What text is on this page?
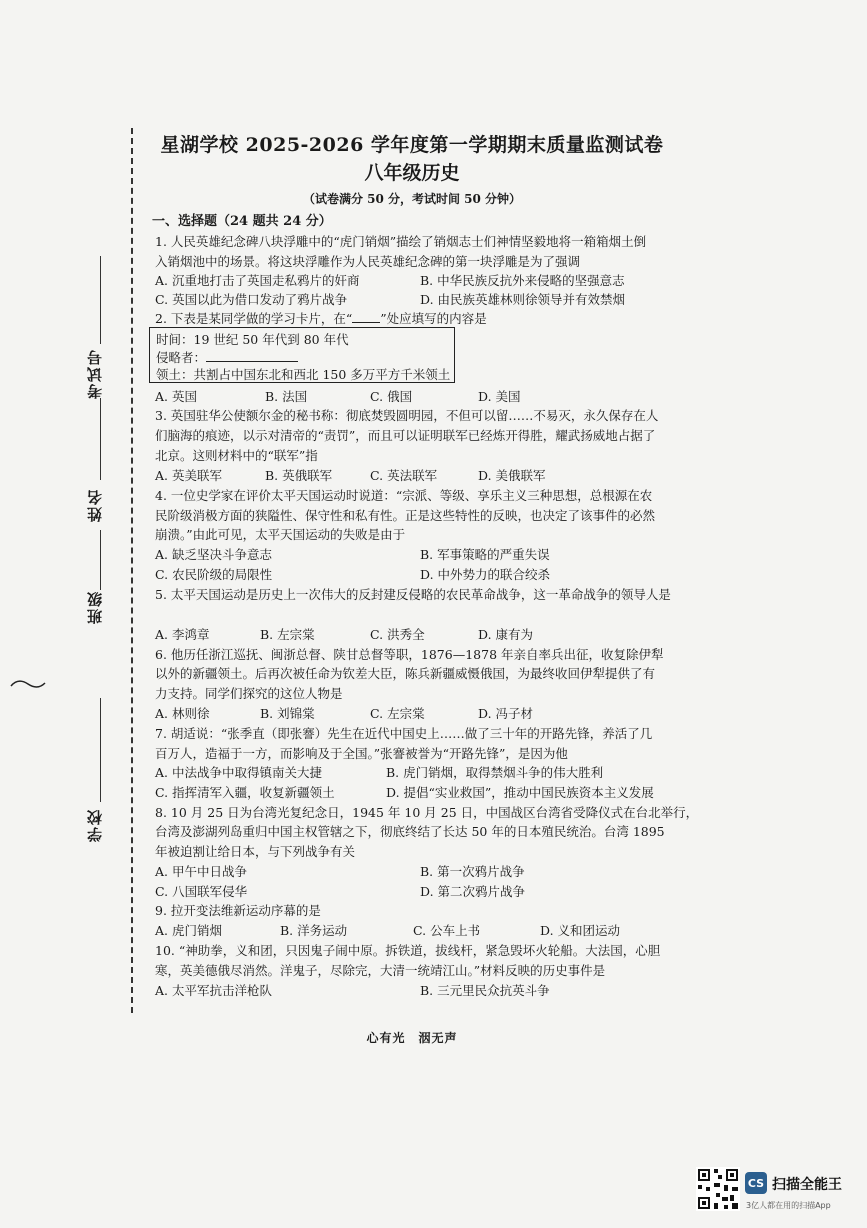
考试号
姓名
班级
学校
星湖学校 2025-2026 学年度第一学期期末质量监测试卷
八年级历史
（试卷满分 50 分，考试时间 50 分钟）
一、选择题（24 题共 24 分）
1. 人民英雄纪念碑八块浮雕中的“虎门销烟”描绘了销烟志士们神情坚毅地将一箱箱烟土倒
入销烟池中的场景。将这块浮雕作为人民英雄纪念碑的第一块浮雕是为了强调
A. 沉重地打击了英国走私鸦片的奸商	B. 中华民族反抗外来侵略的坚强意志
C. 英国以此为借口发动了鸦片战争	D. 由民族英雄林则徐领导并有效禁烟
2. 下表是某同学做的学习卡片，在“ ”处应填写的内容是
时间：19 世纪 50 年代到 80 年代
侵略者：
领土：共割占中国东北和西北 150 多万平方千米领土
A. 英国	B. 法国	C. 俄国	D. 美国
3. 英国驻华公使额尔金的秘书称：彻底焚毁圆明园，不但可以留……不易灭，永久保存在人
们脑海的痕迹，以示对清帝的“责罚”，而且可以证明联军已经炼开得胜，耀武扬威地占据了
北京。这则材料中的“联军”指
A. 英美联军	B. 英俄联军	C. 英法联军	D. 美俄联军
4. 一位史学家在评价太平天国运动时说道：“宗派、等级、享乐主义三种思想，总根源在农
民阶级消极方面的狭隘性、保守性和私有性。正是这些特性的反映，也决定了该事件的必然
崩溃。”由此可见，太平天国运动的失败是由于
A. 缺乏坚决斗争意志	B. 军事策略的严重失误
C. 农民阶级的局限性	D. 中外势力的联合绞杀
5. 太平天国运动是历史上一次伟大的反封建反侵略的农民革命战争，这一革命战争的领导人是
A. 李鸿章	B. 左宗棠	C. 洪秀全	D. 康有为
6. 他历任浙江巡抚、闽浙总督、陕甘总督等职，1876—1878 年亲自率兵出征，收复除伊犁
以外的新疆领土。后再次被任命为钦差大臣，陈兵新疆威慑俄国，为最终收回伊犁提供了有
力支持。同学们探究的这位人物是
A. 林则徐	B. 刘锦棠	C. 左宗棠	D. 冯子材
7. 胡适说：“张季直（即张謇）先生在近代中国史上……做了三十年的开路先锋，养活了几
百万人，造福于一方，而影响及于全国。”张謇被誉为“开路先锋”，是因为他
A. 中法战争中取得镇南关大捷	B. 虎门销烟，取得禁烟斗争的伟大胜利
C. 指挥清军入疆，收复新疆领土	D. 提倡“实业救国”，推动中国民族资本主义发展
8. 10 月 25 日为台湾光复纪念日，1945 年 10 月 25 日，中国战区台湾省受降仪式在台北举行，
台湾及澎湖列岛重归中国主权管辖之下，彻底终结了长达 50 年的日本殖民统治。台湾 1895
年被迫割让给日本，与下列战争有关
A. 甲午中日战争	B. 第一次鸦片战争
C. 八国联军侵华	D. 第二次鸦片战争
9. 拉开变法维新运动序幕的是
A. 虎门销烟	B. 洋务运动	C. 公车上书	D. 义和团运动
10. “神助拳，义和团，只因鬼子闹中原。拆铁道，拔线杆，紧急毁坏火轮船。大法国，心胆
寒，英美德俄尽消然。洋鬼子，尽除完，大清一统靖江山。”材料反映的历史事件是
A. 太平军抗击洋枪队	B. 三元里民众抗英斗争
心有光　洇无声
CS 扫描全能王
3亿人都在用的扫描App
